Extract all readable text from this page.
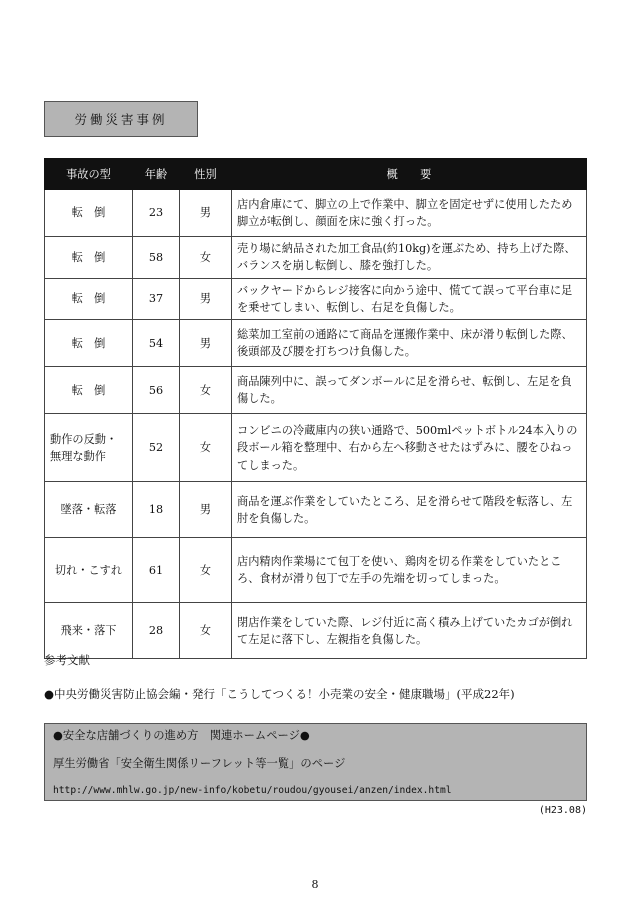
労働災害事例
事故の型	年齢	性別	概　　要
転　倒	23	男	店内倉庫にて、脚立の上で作業中、脚立を固定せずに使用したため脚立が転倒し、顔面を床に強く打った。
転　倒	58	女	売り場に納品された加工食品(約10kg)を運ぶため、持ち上げた際、バランスを崩し転倒し、膝を強打した。
転　倒	37	男	バックヤードからレジ接客に向かう途中、慌てて誤って平台車に足を乗せてしまい、転倒し、右足を負傷した。
転　倒	54	男	総菜加工室前の通路にて商品を運搬作業中、床が滑り転倒した際、後頭部及び腰を打ちつけ負傷した。
転　倒	56	女	商品陳列中に、誤ってダンボールに足を滑らせ、転倒し、左足を負傷した。
動作の反動・無理な動作	52	女	コンビニの冷蔵庫内の狭い通路で、500mlペットボトル24本入りの段ボール箱を整理中、右から左へ移動させたはずみに、腰をひねってしまった。
墜落・転落	18	男	商品を運ぶ作業をしていたところ、足を滑らせて階段を転落し、左肘を負傷した。
切れ・こすれ	61	女	店内精肉作業場にて包丁を使い、鶏肉を切る作業をしていたところ、食材が滑り包丁で左手の先端を切ってしまった。
飛来・落下	28	女	閉店作業をしていた際、レジ付近に高く積み上げていたカゴが倒れて左足に落下し、左親指を負傷した。
参考文献
●中央労働災害防止協会編・発行「こうしてつくる！小売業の安全・健康職場」(平成22年)
●安全な店舗づくりの進め方　関連ホームページ●
厚生労働省「安全衛生関係リーフレット等一覧」のページ
http://www.mhlw.go.jp/new-info/kobetu/roudou/gyousei/anzen/index.html
(H23.08)
8
